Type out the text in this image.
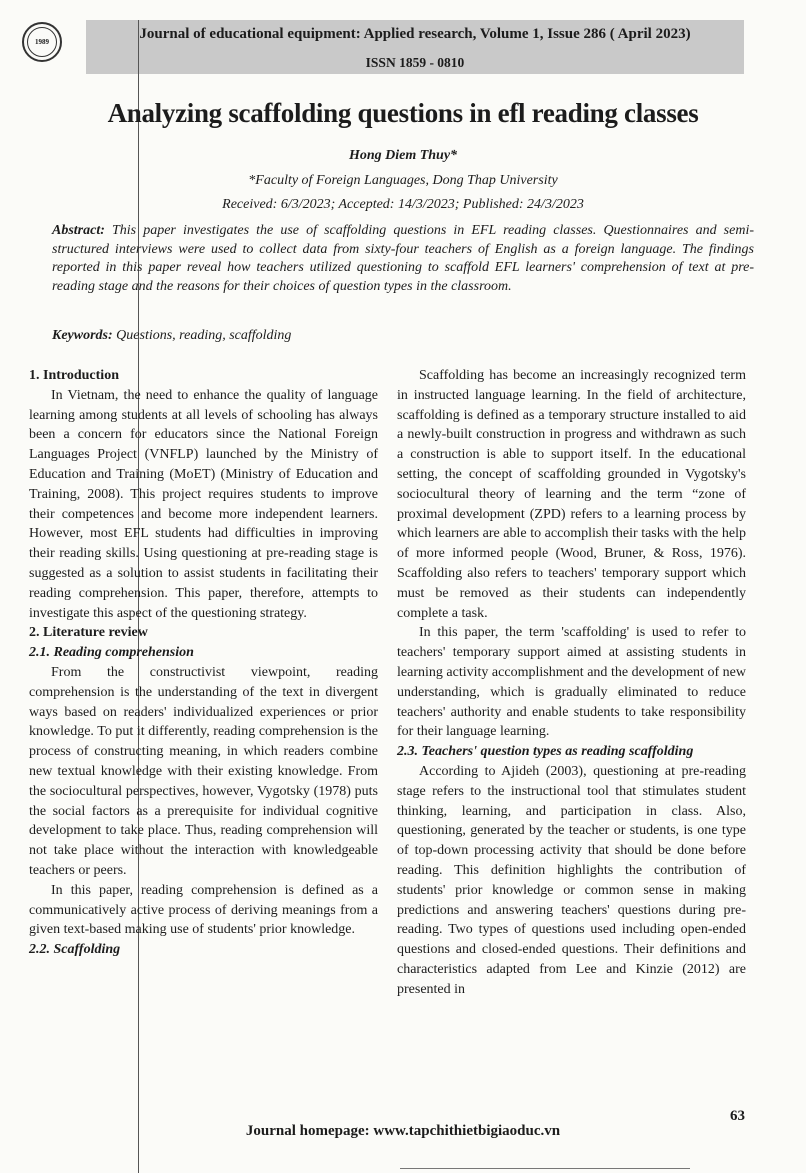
1989	Journal of educational equipment: Applied research, Volume 1, Issue 286 ( April 2023)
ISSN 1859 - 0810
Analyzing scaffolding questions in efl reading classes
Hong Diem Thuy*
*Faculty of Foreign Languages, Dong Thap University
Received: 6/3/2023; Accepted: 14/3/2023; Published: 24/3/2023
Abstract: This paper investigates the use of scaffolding questions in EFL reading classes. Questionnaires and semi-structured interviews were used to collect data from sixty-four teachers of English as a foreign language. The findings reported in this paper reveal how teachers utilized questioning to scaffold EFL learners' comprehension of text at pre-reading stage and the reasons for their choices of question types in the classroom.
Keywords: Questions, reading, scaffolding

1. Introduction

In Vietnam, the need to enhance the quality of language learning among students at all levels of schooling has always been a concern for educators since the National Foreign Languages Project (VNFLP) launched by the Ministry of Education and Training (MoET) (Ministry of Education and Training, 2008). This project requires students to improve their competences and become more independent learners. However, most EFL students had difficulties in improving their reading skills. Using questioning at pre-reading stage is suggested as a solution to assist students in facilitating their reading comprehension. This paper, therefore, attempts to investigate this aspect of the questioning strategy.

2. Literature review

2.1. Reading comprehension

From the constructivist viewpoint, reading comprehension is the understanding of the text in divergent ways based on readers' individualized experiences or prior knowledge. To put it differently, reading comprehension is the process of constructing meaning, in which readers combine new textual knowledge with their existing knowledge. From the sociocultural perspectives, however, Vygotsky (1978) puts the social factors as a prerequisite for individual cognitive development to take place. Thus, reading comprehension will not take place without the interaction with knowledgeable teachers or peers.

In this paper, reading comprehension is defined as a communicatively active process of deriving meanings from a given text-based making use of students' prior knowledge.

2.2. Scaffolding

Scaffolding has become an increasingly recognized term in instructed language learning. In the field of architecture, scaffolding is defined as a temporary structure installed to aid a newly-built construction in progress and withdrawn as such a construction is able to support itself. In the educational setting, the concept of scaffolding grounded in Vygotsky's sociocultural theory of learning and the term “zone of proximal development (ZPD) refers to a learning process by which learners are able to accomplish their tasks with the help of more informed people (Wood, Bruner, & Ross, 1976). Scaffolding also refers to teachers' temporary support which must be removed as their students can independently complete a task.

In this paper, the term 'scaffolding' is used to refer to teachers' temporary support aimed at assisting students in learning activity accomplishment and the development of new understanding, which is gradually eliminated to reduce teachers' authority and enable students to take responsibility for their language learning.

2.3. Teachers' question types as reading scaffolding

According to Ajideh (2003), questioning at pre-reading stage refers to the instructional tool that stimulates student thinking, learning, and participation in class. Also, questioning, generated by the teacher or students, is one type of top-down processing activity that should be done before reading. This definition highlights the contribution of students' prior knowledge or common sense in making predictions and answering teachers' questions during pre-reading. Two types of questions used including open-ended questions and closed-ended questions. Their definitions and characteristics adapted from Lee and Kinzie (2012) are presented in

63
Journal homepage: www.tapchithietbigiaoduc.vn
